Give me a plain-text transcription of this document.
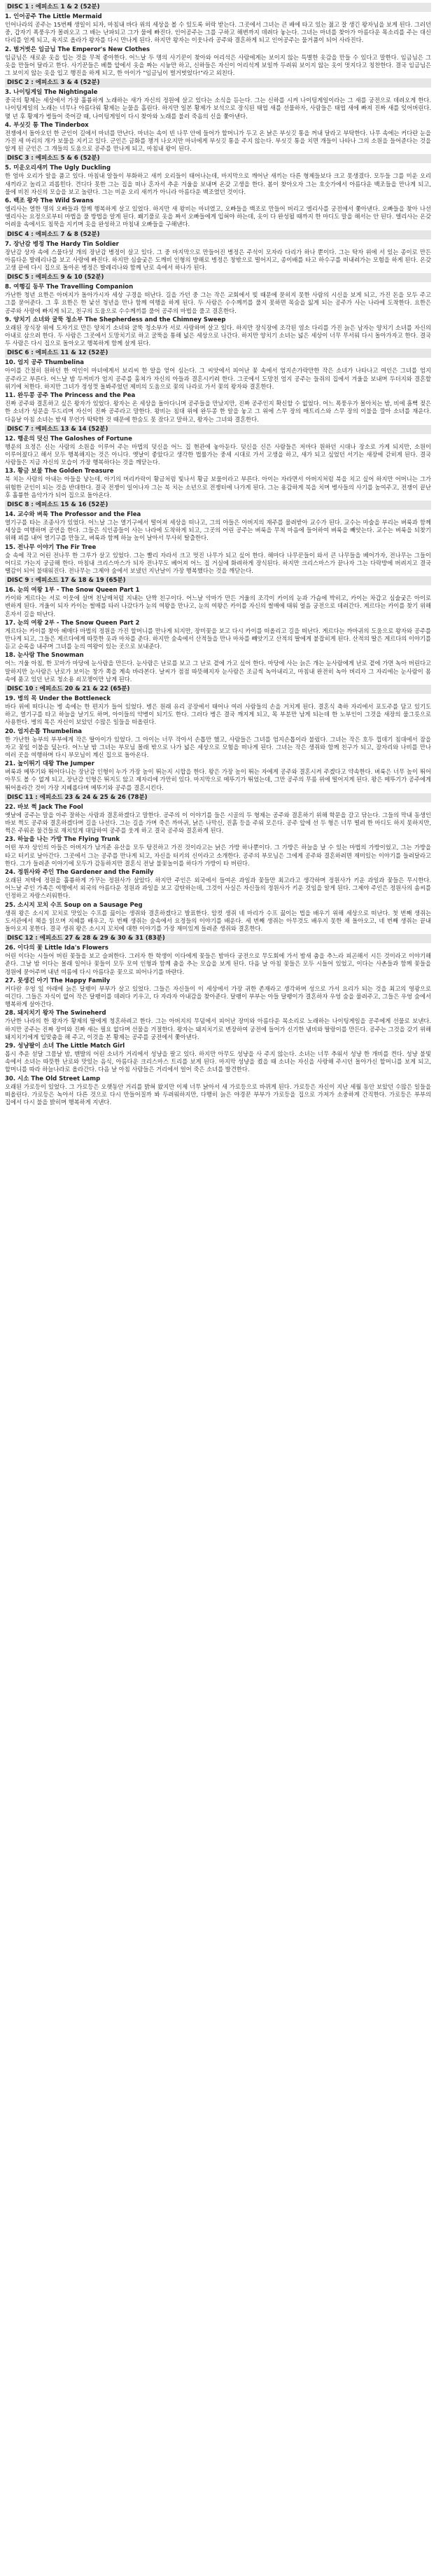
DISC 1 : 에피소드 1 & 2 (52분)
1. 인어공주 The Little Mermaid

인어나라의 공주는 15번째 생일이 되자, 마침내 바다 위의 세상을 볼 수 있도록 허락 받는다. 그곳에서 그녀는 큰 배에 타고 있는 젊고 잘 생긴 왕자님을 보게 된다. 그러던 중, 갑자기 폭풍우가 몰려오고 그 배는 난파되고 그가 물에 빠진다. 인어공주는 그를 구하고 해변까지 데려다 놓는다. 그녀는 마녀를 찾아가 아름다운 목소리를 주는 대신 다리를 얻게 되고, 육지로 올라가 왕자를 다시 만나게 된다. 하지만 왕자는 이웃나라 공주와 결혼하게 되고 인어공주는 물거품이 되어 사라진다.

2. 벌거벗은 임금님 The Emperor's New Clothes

임금님은 새로운 옷을 입는 것을 무척 좋아한다. 어느날 두 명의 사기꾼이 찾아와 어리석은 사람에게는 보이지 않는 특별한 옷감을 만들 수 있다고 말한다. 임금님은 그 옷을 만들어 달라고 한다. 사기꾼들은 베틀 앞에서 옷을 짜는 시늉만 하고, 신하들은 자신이 어리석게 보일까 두려워 보이지 않는 옷이 멋지다고 칭찬한다. 결국 임금님은 그 보이지 않는 옷을 입고 행진을 하게 되고, 한 아이가 "임금님이 벌거벗었다!"라고 외친다.

DISC 2 : 에피소드 3 & 4 (52분)
3. 나이팅게일 The Nightingale

중국의 황제는 세상에서 가장 훌륭하게 노래하는 새가 자신의 정원에 살고 있다는 소식을 듣는다. 그는 신하를 시켜 나이팅게일이라는 그 새를 궁전으로 데려오게 한다. 나이팅게일의 노래는 너무나 아름다워 황제는 눈물을 흘린다. 하지만 일본 황제가 보석으로 장식된 태엽 새를 선물하자, 사람들은 태엽 새에 빠져 진짜 새를 잊어버린다. 몇 년 후 황제가 병들어 죽어갈 때, 나이팅게일이 다시 찾아와 노래를 불러 죽음의 신을 쫓아낸다.

4. 부싯깃 통 The Tinderbox

전쟁에서 돌아오던 한 군인이 길에서 마녀를 만난다. 마녀는 속이 빈 나무 안에 들어가 할머니가 두고 온 낡은 부싯깃 통을 꺼내 달라고 부탁한다. 나무 속에는 커다란 눈을 가진 세 마리의 개가 보물을 지키고 있다. 군인은 금화를 챙겨 나오지만 마녀에게 부싯깃 통을 주지 않는다. 부싯깃 통을 치면 개들이 나타나 그의 소원을 들어준다는 것을 알게 된 군인은 그 개들의 도움으로 공주를 만나게 되고, 마침내 왕이 된다.

DISC 3 : 에피소드 5 & 6 (52분)
5. 미운오리새끼 The Ugly Duckling

한 엄마 오리가 알을 품고 있다. 마침내 알들이 부화하고 새끼 오리들이 태어나는데, 마지막으로 깨어난 새끼는 다른 형제들보다 크고 못생겼다. 모두들 그를 미운 오리 새끼라고 놀리고 괴롭힌다. 견디다 못한 그는 집을 떠나 혼자서 추운 겨울을 보내며 온갖 고생을 한다. 봄이 찾아오자 그는 호숫가에서 아름다운 백조들을 만나게 되고, 물에 비친 자신의 모습을 보고 놀란다. 그는 미운 오리 새끼가 아니라 아름다운 백조였던 것이다.

6. 백조 왕자 The Wild Swans

엘리사는 열한 명의 오빠들과 함께 행복하게 살고 있었다. 하지만 새 왕비는 마녀였고, 오빠들을 백조로 만들어 버리고 엘리사를 궁전에서 쫓아낸다. 오빠들을 찾아 나선 엘리사는 요정으로부터 마법을 풀 방법을 알게 된다. 쐐기풀로 옷을 짜서 오빠들에게 입혀야 하는데, 옷이 다 완성될 때까지 한 마디도 말을 해서는 안 된다. 엘리사는 온갖 어려움 속에서도 침묵을 지키며 옷을 완성하고 마침내 오빠들을 구해낸다.

DISC 4 : 에피소드 7 & 8 (52분)
7. 장난감 병정 The Hardy Tin Soldier

장난감 상자 속에 스물다섯 개의 장난감 병정이 살고 있다. 그 중 마지막으로 만들어진 병정은 주석이 모자라 다리가 하나 뿐이다. 그는 탁자 위에 서 있는 종이로 만든 아름다운 발레리나를 보고 사랑에 빠진다. 하지만 심술궂은 도깨비 인형의 방해로 병정은 창밖으로 떨어지고, 종이배를 타고 하수구를 떠내려가는 모험을 하게 된다. 온갖 고생 끝에 다시 집으로 돌아온 병정은 발레리나와 함께 난로 속에서 하나가 된다.

DISC 5 : 에피소드 9 & 10 (52분)
8. 여행길 동무 The Travelling Companion

가난한 청년 요한은 아버지가 돌아가시자 세상 구경을 떠난다. 길을 가던 중 그는 작은 교회에서 빚 때문에 묻히지 못한 사람의 시신을 보게 되고, 가진 돈을 모두 주고 그를 묻어준다. 그 후 요한은 한 낯선 청년을 만나 함께 여행을 하게 된다. 두 사람은 수수께끼를 풀지 못하면 목숨을 잃게 되는 공주가 사는 나라에 도착한다. 요한은 공주와 사랑에 빠지게 되고, 친구의 도움으로 수수께끼를 풀어 공주의 마법을 풀고 결혼한다.

9. 양치기 소녀와 굴뚝 청소부 The Shepherdess and the Chimney Sweep

오래된 장식장 위에 도자기로 만든 양치기 소녀와 굴뚝 청소부가 서로 사랑하며 살고 있다. 하지만 장식장에 조각된 염소 다리를 가진 늙은 남자는 양치기 소녀를 자신의 아내로 삼으려 한다. 두 사람은 그곳에서 도망치기로 하고 굴뚝을 통해 넓은 세상으로 나간다. 하지만 양치기 소녀는 넓은 세상이 너무 무서워 다시 돌아가자고 한다. 결국 두 사람은 다시 집으로 돌아오고 행복하게 함께 살게 된다.

DISC 6 : 에피소드 11 & 12 (52분)
10. 엄지 공주 Thumbelina

아이를 간절히 원하던 한 여인이 마녀에게서 보리씨 한 알을 얻어 심는다. 그 씨앗에서 피어난 꽃 속에서 엄지손가락만한 작은 소녀가 나타나고 여인은 그녀를 엄지 공주라고 부른다. 어느날 밤 두꺼비가 엄지 공주를 훔쳐가 자신의 아들과 결혼시키려 한다. 그곳에서 도망친 엄지 공주는 들쥐의 집에서 겨울을 보내며 두더지와 결혼할 위기에 처한다. 하지만 그녀가 정성껏 돌봐주었던 제비의 도움으로 꽃의 나라로 가서 꽃의 왕자와 결혼한다.

11. 완두콩 공주 The Princess and the Pea

진짜 공주와 결혼하고 싶은 왕자가 있었다. 왕자는 온 세상을 돌아다니며 공주들을 만났지만, 진짜 공주인지 확신할 수 없었다. 어느 폭풍우가 몰아치는 밤, 비에 흠뻑 젖은 한 소녀가 성문을 두드리며 자신이 진짜 공주라고 말한다. 왕비는 침대 위에 완두콩 한 알을 놓고 그 위에 스무 장의 매트리스와 스무 장의 이불을 깔아 소녀를 재운다. 다음날 아침 소녀는 밤새 무언가 딱딱한 것 때문에 한숨도 못 잤다고 말하고, 왕자는 그녀와 결혼한다.

DISC 7 : 에피소드 13 & 14 (52분)
12. 행운의 덧신 The Galoshes of Fortune

행운의 요정은 신는 사람의 소원을 이루어 주는 마법의 덧신을 어느 집 현관에 놓아둔다. 덧신을 신은 사람들은 저마다 원하던 시대나 장소로 가게 되지만, 소원이 이루어졌다고 해서 모두 행복해지는 것은 아니다. 옛날이 좋았다고 생각한 법률가는 중세 시대로 가서 고생을 하고, 새가 되고 싶었던 서기는 새장에 갇히게 된다. 결국 사람들은 지금 자신의 모습이 가장 행복하다는 것을 깨닫는다.

13. 황금 보물 The Golden Treasure

북 치는 사람의 아내는 아들을 낳는데, 아기의 머리카락이 황금처럼 빛나서 황금 보물이라고 부른다. 아이는 자라면서 아버지처럼 북을 치고 싶어 하지만 어머니는 그가 위험한 군인이 되는 것을 반대한다. 결국 전쟁이 일어나자 그는 북 치는 소년으로 전쟁터에 나가게 된다. 그는 용감하게 북을 치며 병사들의 사기를 높여주고, 전쟁이 끝난 후 훌륭한 음악가가 되어 집으로 돌아온다.

DISC 8 : 에피소드 15 & 16 (52분)
14. 교수와 벼룩 The Professor and the Flea

열기구를 타는 조종사가 있었다. 어느날 그는 열기구에서 떨어져 세상을 떠나고, 그의 아들은 아버지의 재주를 물려받아 교수가 된다. 교수는 마술을 부리는 벼룩과 함께 세상을 여행하며 공연을 한다. 그들은 식인종들이 사는 나라에 도착하게 되고, 그곳의 어린 공주는 벼룩을 무척 마음에 들어하여 벼룩을 빼앗는다. 교수는 벼룩을 되찾기 위해 꾀를 내어 열기구를 만들고, 벼룩과 함께 하늘 높이 날아서 무사히 탈출한다.

15. 전나무 이야기 The Fir Tree

숲 속에 작고 어린 전나무 한 그루가 살고 있었다. 그는 빨리 자라서 크고 멋진 나무가 되고 싶어 한다. 해마다 나무꾼들이 와서 큰 나무들을 베어가자, 전나무는 그들이 어디로 가는지 궁금해 한다. 마침내 크리스마스가 되자 전나무도 베어져 어느 집 거실에 화려하게 장식된다. 하지만 크리스마스가 끝나자 그는 다락방에 버려지고 결국 땔감이 되어 불태워진다. 전나무는 그제야 숲에서 보냈던 지난날이 가장 행복했다는 것을 깨닫는다.

DISC 9 : 에피소드 17 & 18 & 19 (65분)
16. 눈의 여왕 1부 - The Snow Queen Part 1

카이와 게르다는 서로 이웃에 살며 친남매처럼 지내는 단짝 친구이다. 어느날 악마가 만든 거울의 조각이 카이의 눈과 가슴에 박히고, 카이는 차갑고 심술궂은 아이로 변하게 된다. 겨울이 되자 카이는 썰매를 타러 나갔다가 눈의 여왕을 만나고, 눈의 여왕은 카이를 자신의 썰매에 태워 얼음 궁전으로 데려간다. 게르다는 카이를 찾기 위해 혼자서 길을 떠난다.

17. 눈의 여왕 2부 - The Snow Queen Part 2

게르다는 카이를 찾아 헤매다 마법의 정원을 가진 할머니를 만나게 되지만, 장미꽃을 보고 다시 카이를 떠올리고 길을 떠난다. 게르다는 까마귀의 도움으로 왕자와 공주를 만나게 되고, 그들은 게르다에게 따뜻한 옷과 마차를 준다. 하지만 숲속에서 산적들을 만나 마차를 빼앗기고 산적의 딸에게 붙잡히게 된다. 산적의 딸은 게르다의 이야기를 듣고 순록을 내주며 그녀를 눈의 여왕이 있는 곳으로 보내준다.

18. 눈사람 The Snowman

어느 겨울 아침, 한 꼬마가 마당에 눈사람을 만든다. 눈사람은 난로를 보고 그 난로 곁에 가고 싶어 한다. 마당에 사는 늙은 개는 눈사람에게 난로 곁에 가면 녹아 버린다고 말하지만 눈사람은 난로가 보이는 창가 쪽을 계속 바라본다. 날씨가 점점 따뜻해지자 눈사람은 조금씩 녹아내리고, 마침내 완전히 녹아 버리자 그 자리에는 눈사람이 몸 속에 품고 있던 난로 청소용 쇠꼬챙이만 남게 된다.

DISC 10 : 에피소드 20 & 21 & 22 (65분)
19. 병의 목 Under the Bottleneck

바다 위에 떠다니는 병 속에는 한 편지가 들어 있었다. 병은 원래 유리 공장에서 태어나 여러 사람들의 손을 거치게 된다. 결혼식 축하 자리에서 포도주를 담고 있기도 하고, 열기구를 타고 하늘을 날기도 하며, 아이들의 약병이 되기도 한다. 그러다 병은 결국 깨지게 되고, 목 부분만 남게 되는데 한 노부인이 그것을 새장의 물그릇으로 사용한다. 병의 목은 자신이 보았던 수많은 일들을 떠올린다.

20. 엄지손톱 Thumbelina

한 가난한 농부의 부부에게 작은 딸아이가 있었다. 그 아이는 너무 작아서 손톱만 했고, 사람들은 그녀를 엄지손톱이라 불렀다. 그녀는 작은 호두 껍데기 침대에서 잠을 자고 꽃잎 이불을 덮는다. 어느날 밤 그녀는 부모님 몰래 밖으로 나가 넓은 세상으로 모험을 떠나게 된다. 그녀는 작은 생쥐와 함께 친구가 되고, 잠자리와 나비를 만나 여러 곳을 여행하며 다시 부모님이 계신 집으로 돌아온다.

21. 높이뛰기 대왕 The Jumper

벼룩과 메뚜기와 뛰어다니는 장난감 인형이 누가 가장 높이 뛰는지 시합을 한다. 왕은 가장 높이 뛰는 자에게 공주와 결혼시켜 주겠다고 약속한다. 벼룩은 너무 높이 뛰어 아무도 볼 수 없게 되고, 장난감 인형은 뛰지도 않고 제자리에 가만히 있다. 마지막으로 메뚜기가 뛰었는데, 그만 공주의 무릎 위에 떨어지게 된다. 왕은 메뚜기가 공주에게 뛰어올라간 것이 가장 지혜롭다며 메뚜기와 공주를 결혼시킨다.

DISC 11 : 에피소드 23 & 24 & 25 & 26 (78분)
22. 바보 쩍 Jack The Fool

옛날에 공주는 말을 아주 잘하는 사람과 결혼하겠다고 말한다. 공주의 이 이야기를 들은 시골의 두 형제는 공주와 결혼하기 위해 학문을 갈고 닦는다. 그들의 막내 동생인 바보 쩍도 공주와 결혼하겠다며 길을 나선다. 그는 길을 가며 죽은 까마귀, 낡은 나막신, 진흙 등을 주워 모은다. 공주 앞에 선 두 형은 너무 떨려 한 마디도 하지 못하지만, 쩍은 주워온 물건들로 재치있게 대답하여 공주를 웃게 하고 결국 공주와 결혼하게 된다.

23. 하늘을 나는 가방 The Flying Trunk

어떤 부자 상인의 아들은 아버지가 남겨준 유산을 모두 탕진하고 가진 것이라고는 낡은 가방 하나뿐이다. 그 가방은 하늘을 날 수 있는 마법의 가방이었고, 그는 가방을 타고 터키로 날아간다. 그곳에서 그는 공주를 만나게 되고, 자신을 터키의 신이라고 소개한다. 공주의 부모님은 그에게 공주와 결혼하려면 재미있는 이야기를 들려달라고 한다. 그가 들려준 이야기에 모두가 감동하지만 결혼식 전날 불꽃놀이를 하다가 가방이 타 버린다.

24. 정원사와 주인 The Gardener and the Family

오래된 저택에 정원을 훌륭하게 가꾸는 정원사가 살았다. 하지만 주인은 외국에서 들여온 과일과 꽃들만 최고라고 생각하며 정원사가 키운 과일과 꽃들은 무시한다. 어느날 주인 가족은 여행에서 외국의 아름다운 정원과 과일을 보고 감탄하는데, 그것이 사실은 자신들의 정원사가 키운 것임을 알게 된다. 그제야 주인은 정원사의 솜씨를 인정하고 자랑스러워한다.

25. 소시지 꼬치 수프 Soup on a Sausage Peg

생쥐 왕은 소시지 꼬치로 맛있는 수프를 끓이는 생쥐와 결혼하겠다고 발표한다. 암컷 생쥐 네 마리가 수프 끓이는 법을 배우기 위해 세상으로 떠난다. 첫 번째 생쥐는 도서관에서 책을 읽으며 지혜를 배우고, 두 번째 생쥐는 숲속에서 요정들의 이야기를 배운다. 세 번째 생쥐는 아무것도 배우지 못한 채 돌아오고, 네 번째 생쥐는 끝내 돌아오지 못한다. 결국 생쥐 왕은 소시지 꼬치에 대한 이야기를 가장 재미있게 들려준 생쥐와 결혼한다.

DISC 12 : 에피소드 27 & 28 & 29 & 30 & 31 (83분)
26. 이다의 꽃 Little Ida's Flowers

어린 이다는 시들어 버린 꽃들을 보고 슬퍼한다. 그러자 한 학생이 이다에게 꽃들은 밤마다 궁전으로 무도회에 가서 밤새 춤을 추느라 피곤해서 시든 것이라고 이야기해 준다. 그날 밤 이다는 몰래 일어나 꽃들이 모두 모여 인형과 함께 춤을 추는 모습을 보게 된다. 다음 날 아침 꽃들은 모두 시들어 있었고, 이다는 사촌들과 함께 꽃들을 정원에 묻어주며 내년 여름에 다시 아름다운 꽃으로 피어나기를 바란다.

27. 못생긴 아기 The Happy Family

커다란 우엉 잎 아래에 늙은 달팽이 부부가 살고 있었다. 그들은 자신들이 이 세상에서 가장 귀한 존재라고 생각하며 성으로 가서 요리가 되는 것을 최고의 영광으로 여긴다. 그들은 자식이 없어 작은 달팽이를 데려다 키우고, 다 자라자 아내감을 찾아준다. 달팽이 부부는 아들 달팽이가 결혼하자 우엉 숲을 물려주고, 그들은 우엉 숲에서 행복하게 살아간다.

28. 돼지치기 왕자 The Swineherd

가난한 나라의 한 왕자가 황제의 딸에게 청혼하려고 한다. 그는 아버지의 무덤에서 피어난 장미와 아름다운 목소리로 노래하는 나이팅게일을 공주에게 선물로 보낸다. 하지만 공주는 진짜 장미와 진짜 새는 필요 없다며 선물을 거절한다. 왕자는 돼지치기로 변장하여 궁전에 들어가 신기한 냄비와 딸랑이를 만든다. 공주는 그것을 갖기 위해 돼지치기에게 입맞춤을 해 주고, 이것을 본 황제는 공주를 궁전에서 쫓아낸다.

29. 성냥팔이 소녀 The Little Match Girl

몹시 추운 섣달 그믐날 밤, 맨발의 어린 소녀가 거리에서 성냥을 팔고 있다. 하지만 아무도 성냥을 사 주지 않는다. 소녀는 너무 추워서 성냥 한 개비를 켠다. 성냥 불빛 속에서 소녀는 따뜻한 난로와 맛있는 음식, 아름다운 크리스마스 트리를 보게 된다. 마지막 성냥을 켰을 때 소녀는 자신을 사랑해 주시던 돌아가신 할머니를 보게 되고, 할머니를 따라 하늘나라로 올라간다. 다음 날 아침 사람들은 거리에서 얼어 죽은 소녀를 발견한다.

30. 시소 The Old Street Lamp

오래된 가로등이 있었다. 그 가로등은 오랫동안 거리를 밝혀 왔지만 이제 너무 낡아서 새 가로등으로 바뀌게 된다. 가로등은 자신이 지난 세월 동안 보았던 수많은 일들을 떠올린다. 가로등은 녹아서 다른 것으로 다시 만들어질까 봐 두려워하지만, 다행히 늙은 야경꾼 부부가 가로등을 집으로 가져가 소중하게 간직한다. 가로등은 부부의 집에서 다시 불을 밝히며 행복하게 지낸다.
